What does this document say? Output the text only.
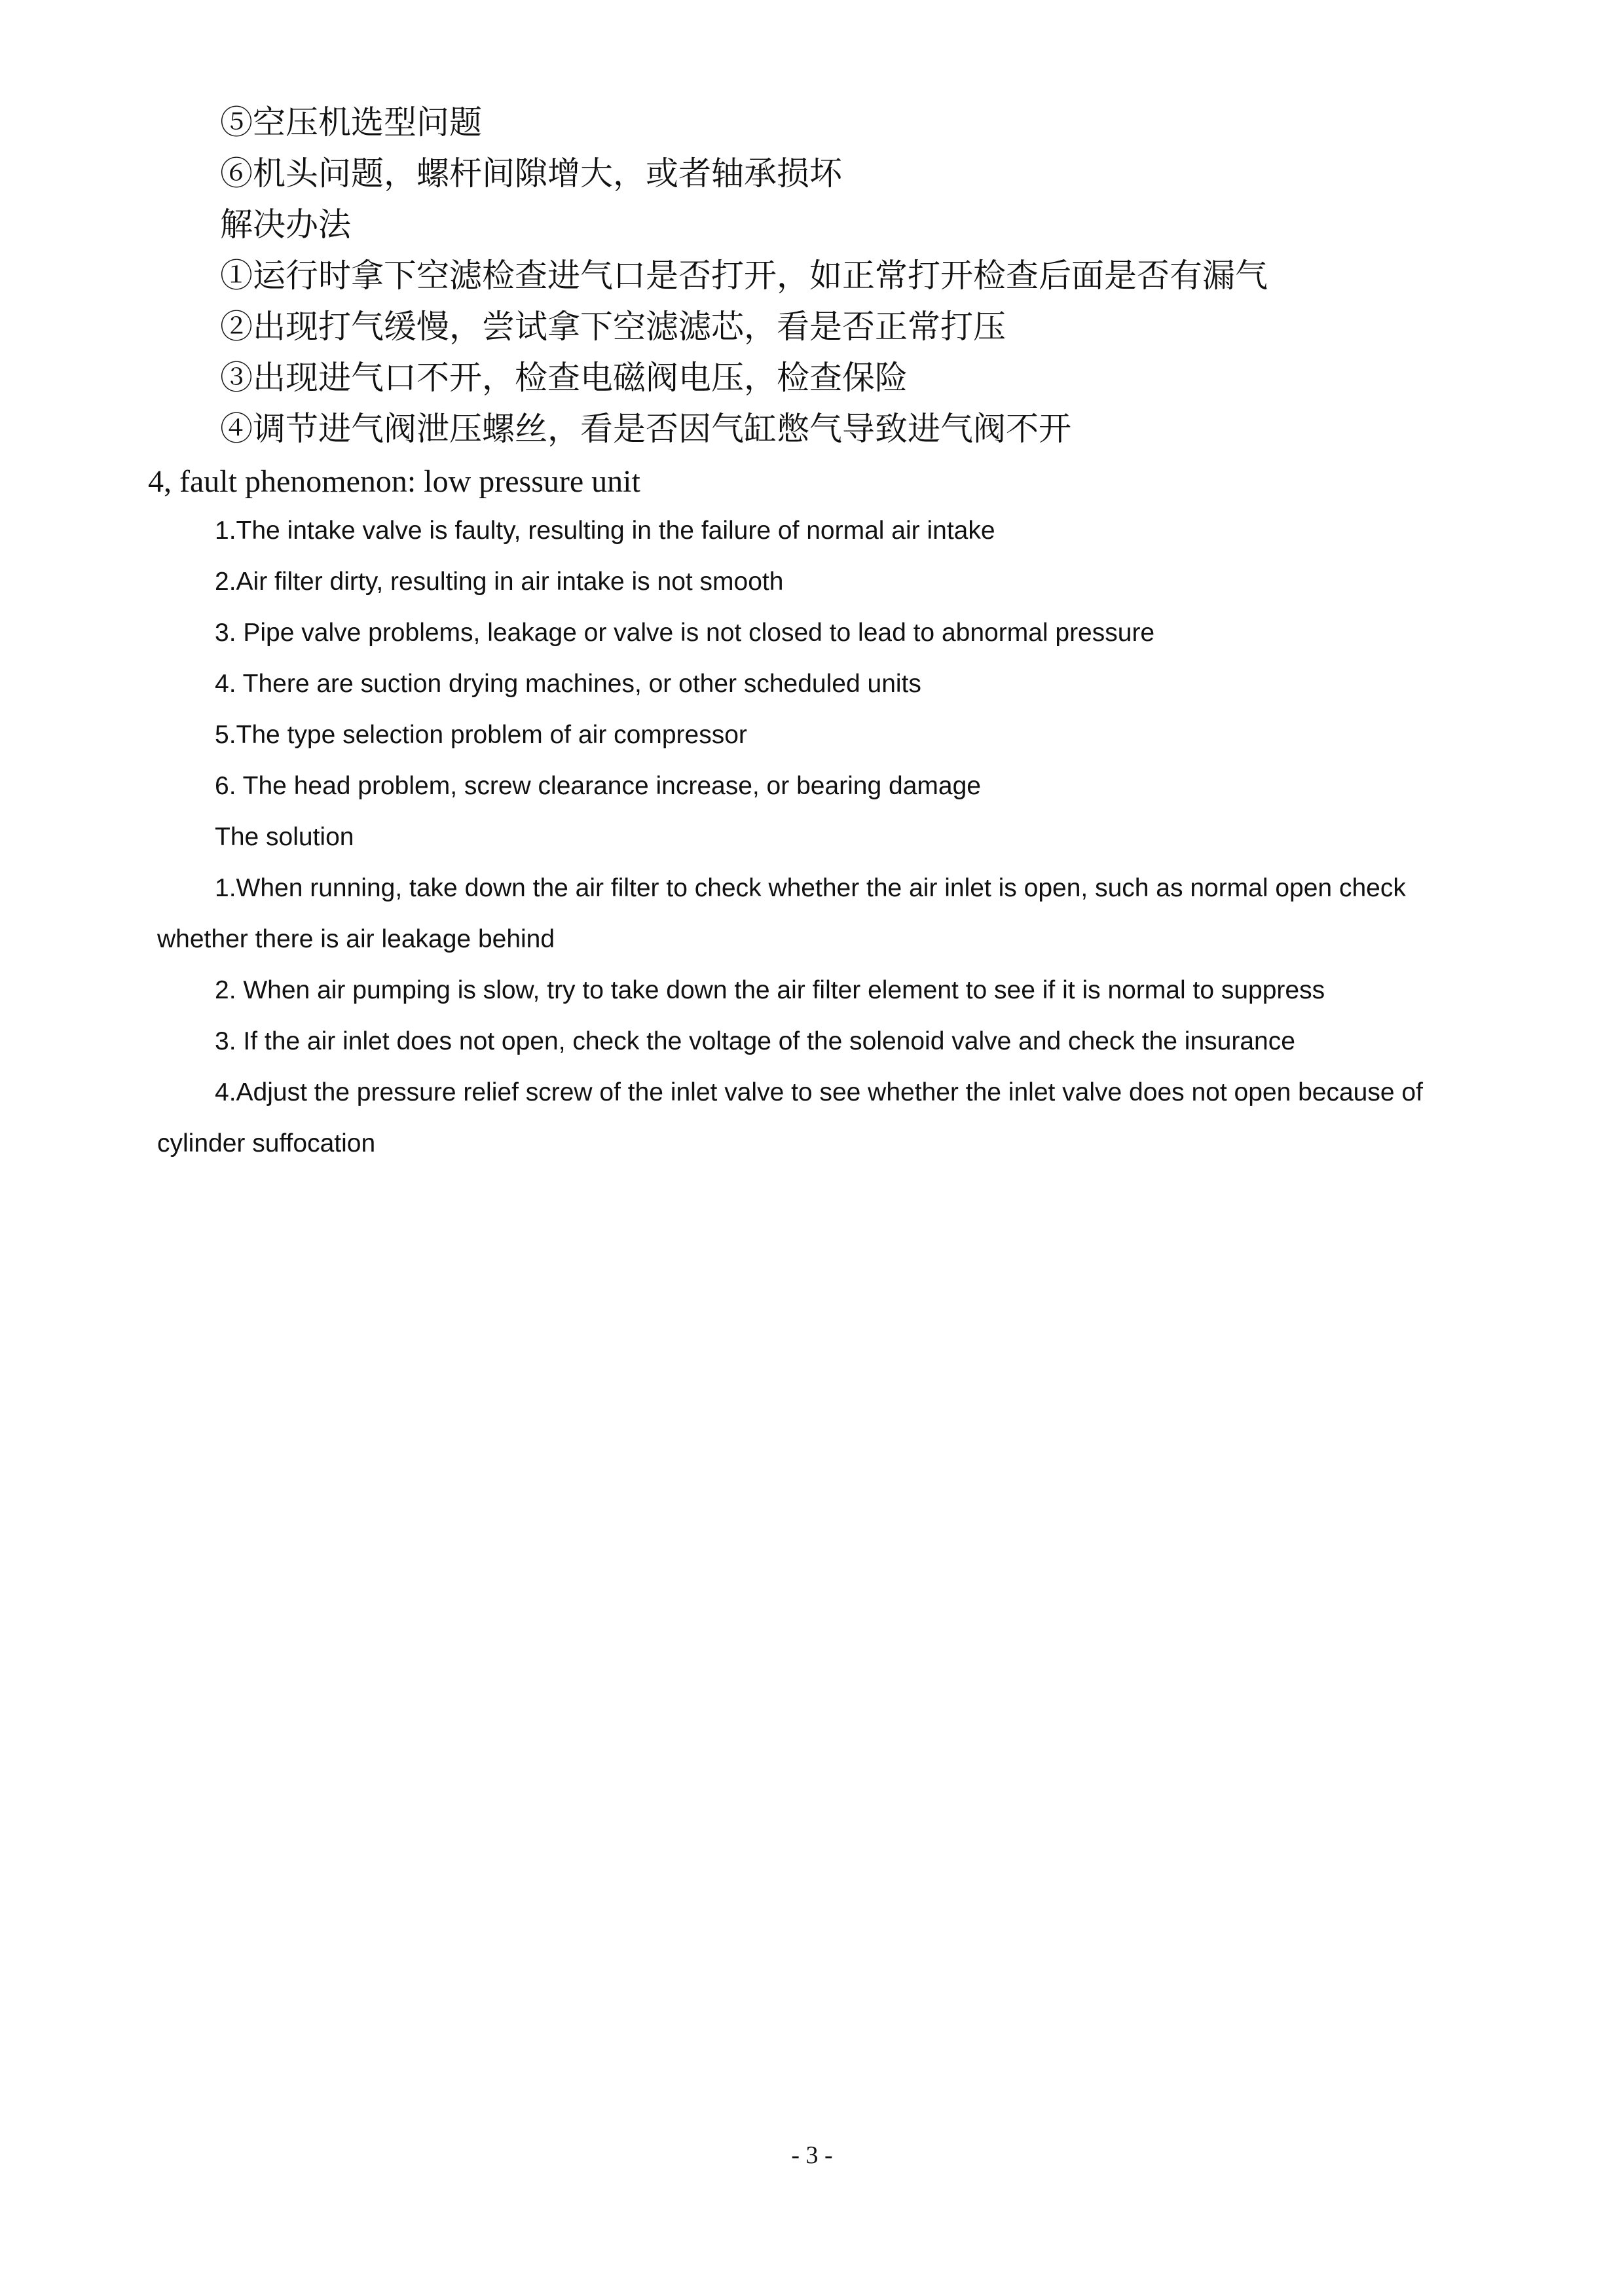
⑤空压机选型问题
⑥机头问题，螺杆间隙增大，或者轴承损坏
解决办法
①运行时拿下空滤检查进气口是否打开，如正常打开检查后面是否有漏气
②出现打气缓慢，尝试拿下空滤滤芯，看是否正常打压
③出现进气口不开，检查电磁阀电压，检查保险
④调节进气阀泄压螺丝，看是否因气缸憋气导致进气阀不开
4, fault phenomenon: low pressure unit
1.The intake valve is faulty, resulting in the failure of normal air intake
2.Air filter dirty, resulting in air intake is not smooth
3. Pipe valve problems, leakage or valve is not closed to lead to abnormal pressure
4. There are suction drying machines, or other scheduled units
5.The type selection problem of air compressor
6. The head problem, screw clearance increase, or bearing damage
The solution
1.When running, take down the air filter to check whether the air inlet is open, such as normal open check
whether there is air leakage behind
2. When air pumping is slow, try to take down the air filter element to see if it is normal to suppress
3. If the air inlet does not open, check the voltage of the solenoid valve and check the insurance
4.Adjust the pressure relief screw of the inlet valve to see whether the inlet valve does not open because of
cylinder suffocation
- 3 -
